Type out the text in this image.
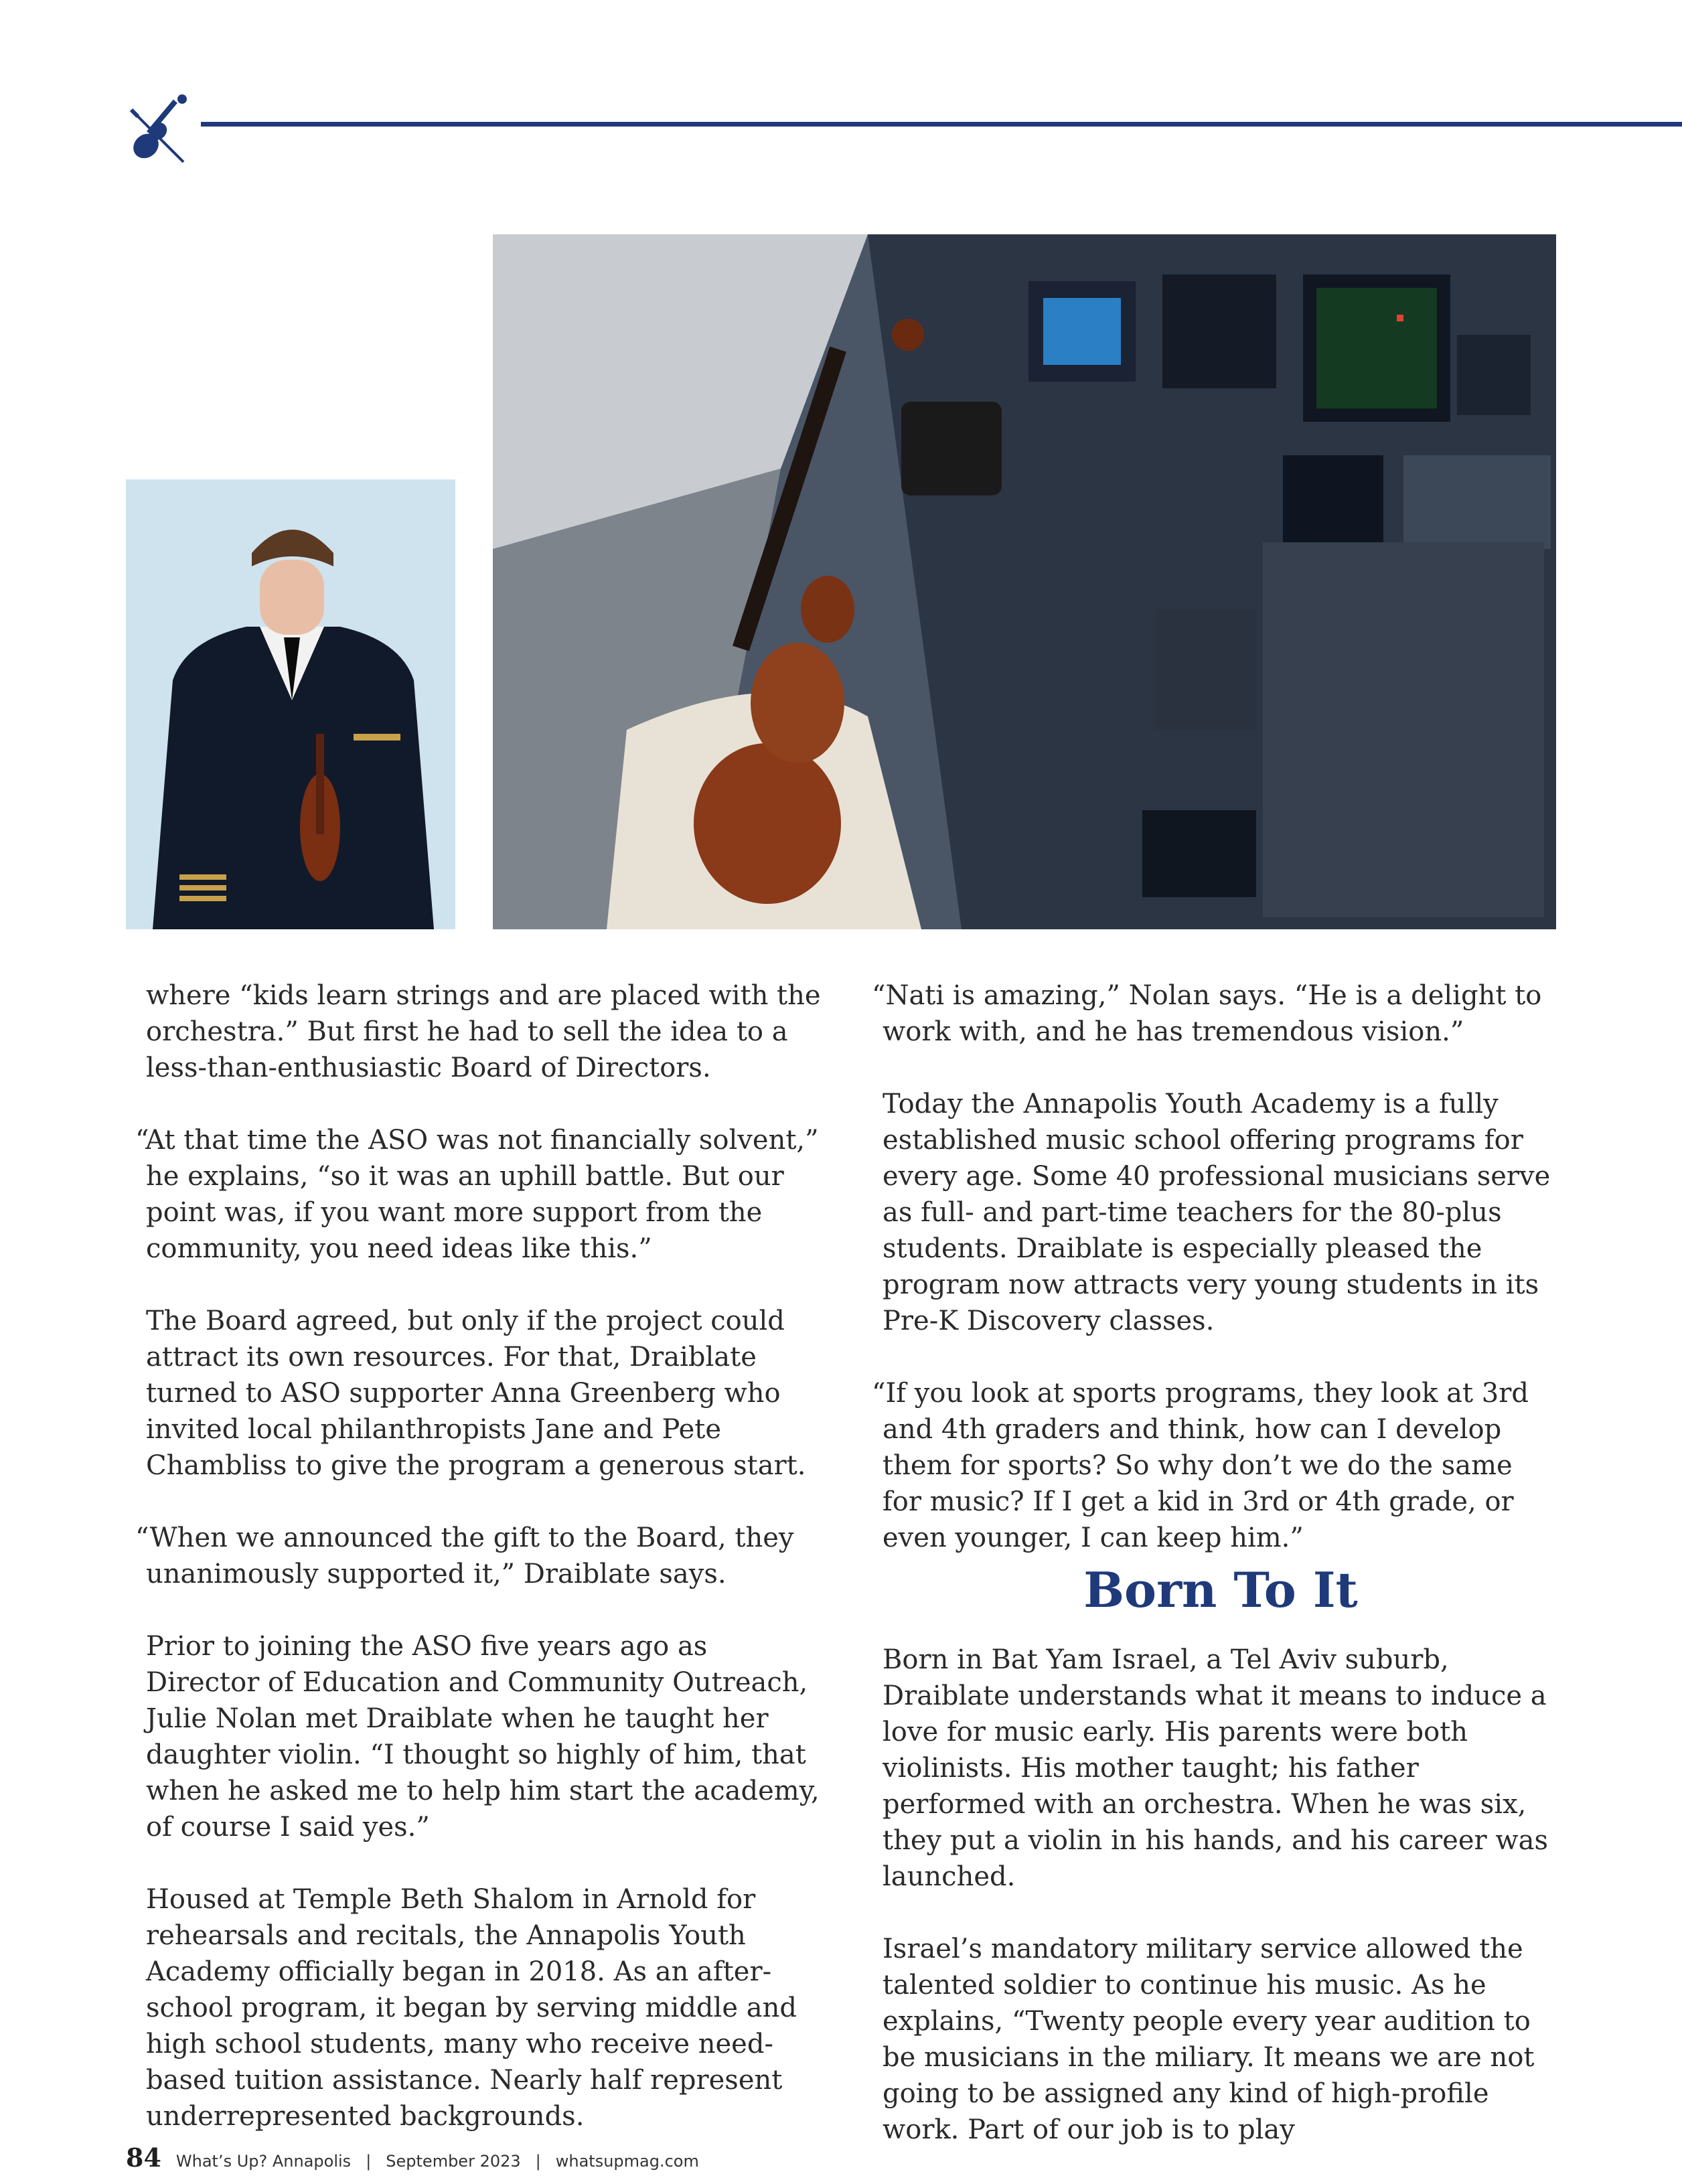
where “kids learn strings and are placed with the orchestra.” But first he had to sell the idea to a less-than-enthusiastic Board of Directors.

“At that time the ASO was not financially solvent,” he explains, “so it was an uphill battle. But our point was, if you want more support from the community, you need ideas like this.”

The Board agreed, but only if the project could attract its own resources. For that, Draiblate turned to ASO supporter Anna Greenberg who invited local philanthropists Jane and Pete Chambliss to give the program a generous start.

“When we announced the gift to the Board, they unanimously supported it,” Draiblate says.

Prior to joining the ASO five years ago as Director of Education and Community Outreach, Julie Nolan met Draiblate when he taught her daughter violin. “I thought so highly of him, that when he asked me to help him start the academy, of course I said yes.”

Housed at Temple Beth Shalom in Arnold for rehearsals and recitals, the Annapolis Youth Academy officially began in 2018. As an after-school program, it began by serving middle and high school students, many who receive need-based tuition assistance. Nearly half represent underrepresented backgrounds.

“Nati is amazing,” Nolan says. “He is a delight to work with, and he has tremendous vision.”

Today the Annapolis Youth Academy is a fully established music school offering programs for every age. Some 40 professional musicians serve as full- and part-time teachers for the 80-plus students. Draiblate is especially pleased the program now attracts very young students in its Pre-K Discovery classes.

“If you look at sports programs, they look at 3rd and 4th graders and think, how can I develop them for sports? So why don’t we do the same for music? If I get a kid in 3rd or 4th grade, or even younger, I can keep him.”

Born To It

Born in Bat Yam Israel, a Tel Aviv suburb, Draiblate understands what it means to induce a love for music early. His parents were both violinists. His mother taught; his father performed with an orchestra. When he was six, they put a violin in his hands, and his career was launched.

Israel’s mandatory military service allowed the talented soldier to continue his music. As he explains, “Twenty people every year audition to be musicians in the miliary. It means we are not going to be assigned any kind of high-profile work. Part of our job is to play

84 What’s Up? Annapolis | September 2023 | whatsupmag.com
